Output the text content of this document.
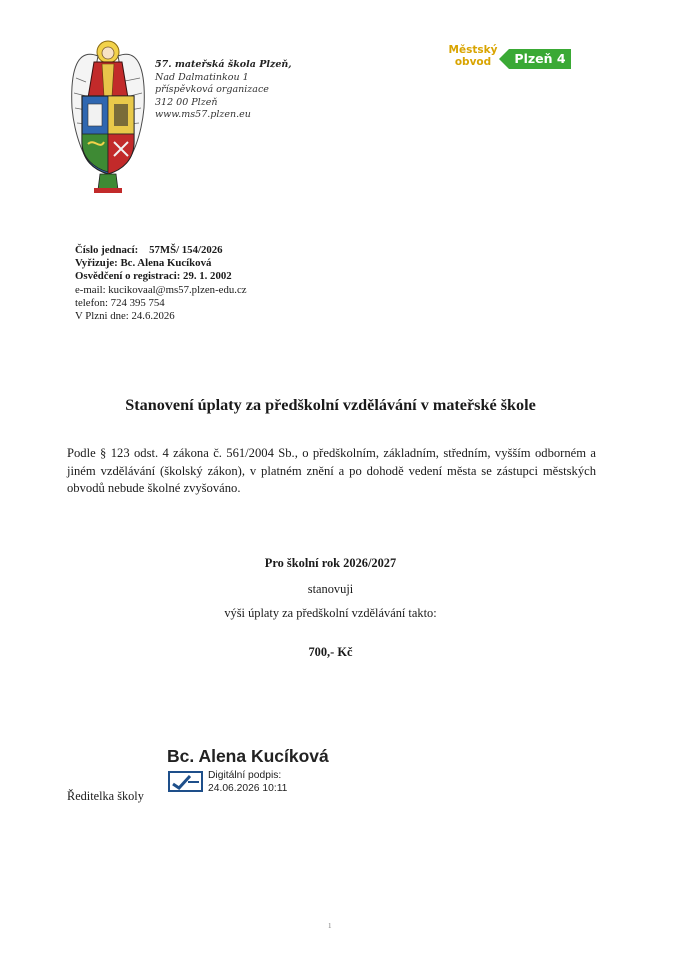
57. mateřská škola Plzeň,
Nad Dalmatinkou 1
příspěvková organizace
312 00 Plzeň
www.ms57.plzen.eu
Městský
obvod	Plzeň 4
Číslo jednací: 57MŠ/ 154/2026
Vyřizuje: Bc. Alena Kucíková
Osvědčení o registraci: 29. 1. 2002
e-mail: kucikovaal@ms57.plzen-edu.cz
telefon: 724 395 754
V Plzni dne: 24.6.2026
Stanovení úplaty za předškolní vzdělávání v mateřské škole
Podle § 123 odst. 4 zákona č. 561/2004 Sb., o předškolním, základním, středním, vyšším odborném a jiném vzdělávání (školský zákon), v platném znění a po dohodě vedení města se zástupci městských obvodů nebude školné zvyšováno.
Pro školní rok 2026/2027
stanovuji
výši úplaty za předškolní vzdělávání takto:
700,- Kč
Ředitelka školy
Bc. Alena Kucíková
Digitální podpis:
24.06.2026 10:11
1
